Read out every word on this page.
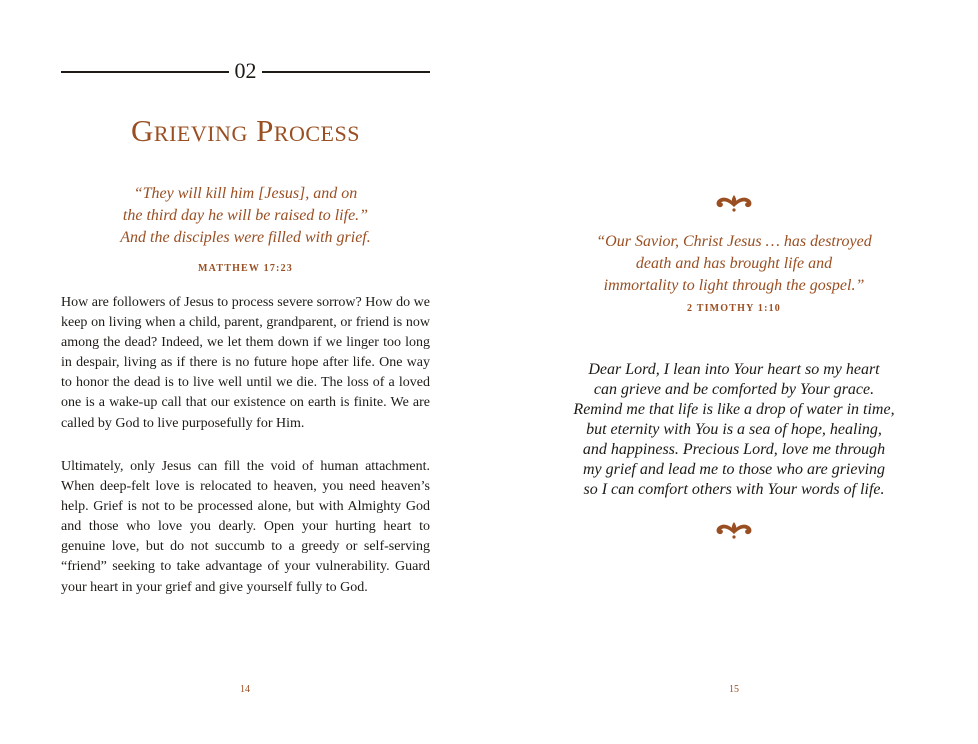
02
Grieving Process
“They will kill him [Jesus], and on
the third day he will be raised to life.”
And the disciples were filled with grief.
MATTHEW 17:23

How are followers of Jesus to process severe sorrow? How do we keep on living when a child, parent, grandparent, or friend is now among the dead? Indeed, we let them down if we linger too long in despair, living as if there is no future hope after life. One way to honor the dead is to live well until we die. The loss of a loved one is a wake-up call that our existence on earth is finite. We are called by God to live purposefully for Him.

Ultimately, only Jesus can fill the void of human attachment. When deep-felt love is relocated to heaven, you need heaven’s help. Grief is not to be processed alone, but with Almighty God and those who love you dearly. Open your hurting heart to genuine love, but do not succumb to a greedy or self-serving “friend” seeking to take advantage of your vulnerability. Guard your heart in your grief and give yourself fully to God.

14
“Our Savior, Christ Jesus … has destroyed
death and has brought life and
immortality to light through the gospel.”
2 TIMOTHY 1:10
Dear Lord, I lean into Your heart so my heart
can grieve and be comforted by Your grace.
Remind me that life is like a drop of water in time,
but eternity with You is a sea of hope, healing,
and happiness. Precious Lord, love me through
my grief and lead me to those who are grieving
so I can comfort others with Your words of life.
15
